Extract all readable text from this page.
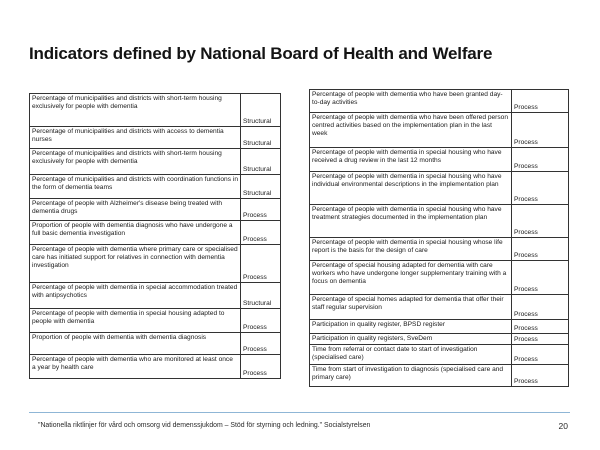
Indicators defined by National Board of Health and Welfare
Percentage of municipalities and districts with short-term housing exclusively for people with dementia	Structural
Percentage of municipalities and districts with access to dementia nurses	Structural
Percentage of municipalities and districts with short-term housing exclusively for people with dementia	Structural
Percentage of municipalities and districts with coordination functions in the form of dementia teams	Structural
Percentage of people with Alzheimer's disease being treated with dementia drugs	Process
Proportion of people with dementia diagnosis who have undergone a full basic dementia investigation	Process
Percentage of people with dementia where primary care or specialised care has initiated support for relatives in connection with dementia investigation	Process
Percentage of people with dementia in special accommodation treated with antipsychotics	Structural
Percentage of people with dementia in special housing adapted to people with dementia	Process
Proportion of people with dementia with dementia diagnosis	Process
Percentage of people with dementia who are monitored at least once a year by health care	Process
Percentage of people with dementia who have been granted day-to-day activities	Process
Percentage of people with dementia who have been offered person centred activities based on the implementation plan in the last week	Process
Percentage of people with dementia in special housing who have received a drug review in the last 12 months	Process
Percentage of people with dementia in special housing who have individual environmental descriptions in the implementation plan	Process
Percentage of people with dementia in special housing who have treatment strategies documented in the implementation plan	Process
Percentage of people with dementia in special housing whose life report is the basis for the design of care	Process
Percentage of special housing adapted for dementia with care workers who have undergone longer supplementary training with a focus on dementia	Process
Percentage of special homes adapted for dementia that offer their staff regular supervision	Process
Participation in quality register, BPSD register	Process
Participation in quality registers, SveDem	Process
Time from referral or contact date to start of investigation (specialised care)	Process
Time from start of investigation to diagnosis (specialised care and primary care)	Process
"Nationella riktlinjer för vård och omsorg vid demenssjukdom – Stöd för styrning och ledning." Socialstyrelsen	20
